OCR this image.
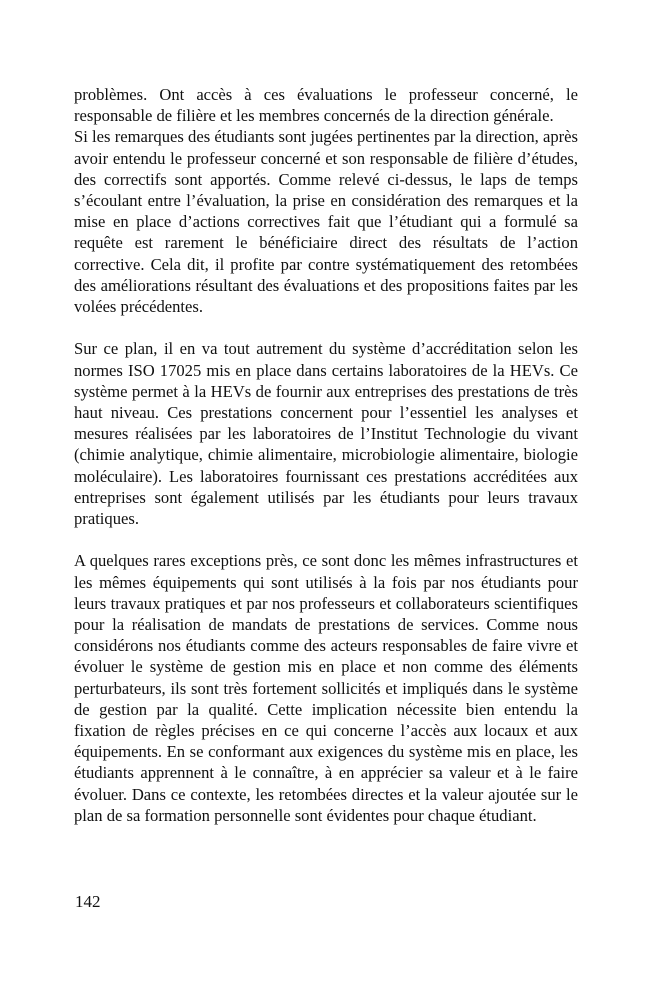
problèmes. Ont accès à ces évaluations le professeur concerné, le responsable de filière et les membres concernés de la direction générale.

Si les remarques des étudiants sont jugées pertinentes par la direction, après avoir entendu le professeur concerné et son responsable de filière d’études, des correctifs sont apportés. Comme relevé ci-dessus, le laps de temps s’écoulant entre l’évaluation, la prise en considération des remarques et la mise en place d’actions correctives fait que l’étudiant qui a formulé sa requête est rarement le bénéficiaire direct des résultats de l’action corrective. Cela dit, il profite par contre systématiquement des retombées des améliorations résultant des évaluations et des propositions faites par les volées précédentes.

Sur ce plan, il en va tout autrement du système d’accréditation selon les normes ISO 17025 mis en place dans certains laboratoires de la HEVs. Ce système permet à la HEVs de fournir aux entreprises des prestations de très haut niveau. Ces prestations concernent pour l’essentiel les analyses et mesures réalisées par les laboratoires de l’Institut Technologie du vivant (chimie analytique, chimie alimentaire, microbiologie alimentaire, biologie moléculaire). Les laboratoires fournissant ces prestations accréditées aux entreprises sont également utilisés par les étudiants pour leurs travaux pratiques.

A quelques rares exceptions près, ce sont donc les mêmes infrastructures et les mêmes équipements qui sont utilisés à la fois par nos étudiants pour leurs travaux pratiques et par nos professeurs et collaborateurs scientifiques pour la réalisation de mandats de prestations de services. Comme nous considérons nos étudiants comme des acteurs responsables de faire vivre et évoluer le système de gestion mis en place et non comme des éléments perturbateurs, ils sont très fortement sollicités et impliqués dans le système de gestion par la qualité. Cette implication nécessite bien entendu la fixation de règles précises en ce qui concerne l’accès aux locaux et aux équipements. En se conformant aux exigences du système mis en place, les étudiants apprennent à le connaître, à en apprécier sa valeur et à le faire évoluer. Dans ce contexte, les retombées directes et la valeur ajoutée sur le plan de sa formation personnelle sont évidentes pour chaque étudiant.

142
